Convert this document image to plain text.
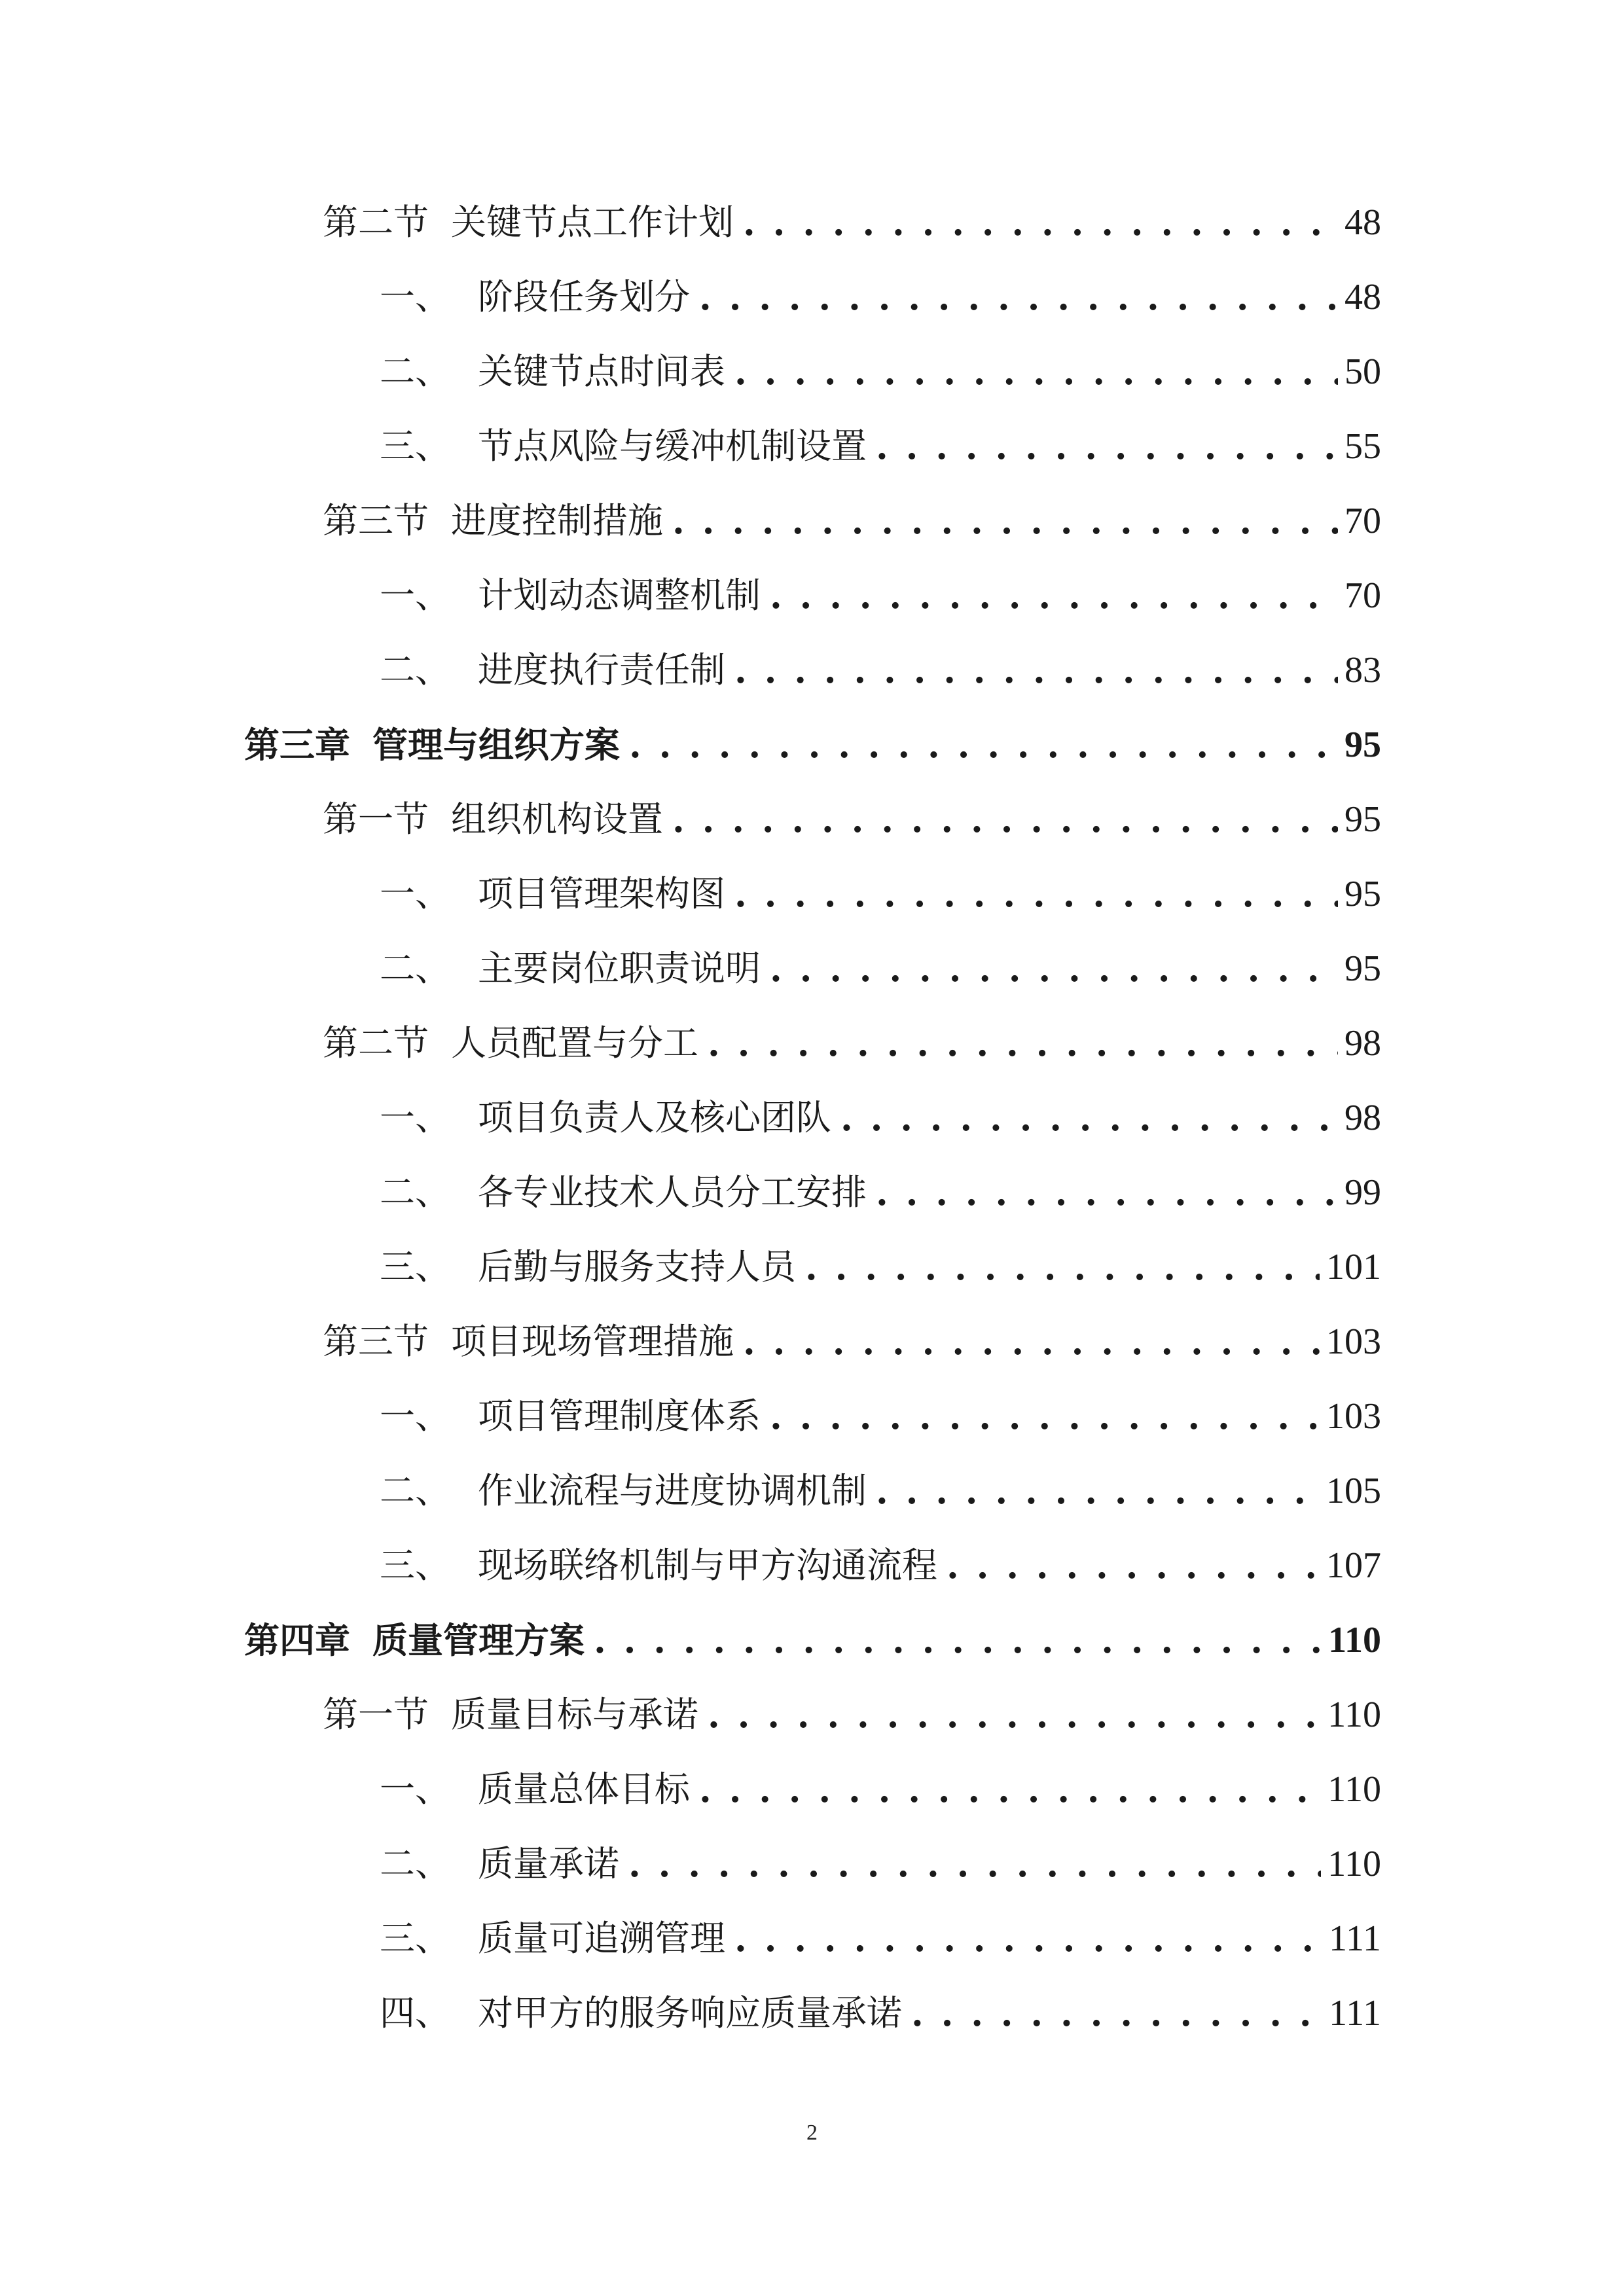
第二节 关键节点工作计划 . . .	48
一、 阶段任务划分 . . .	48
二、 关键节点时间表 . . .	50
三、 节点风险与缓冲机制设置 . . .	55
第三节 进度控制措施 . . .	70
一、 计划动态调整机制 . . .	70
二、 进度执行责任制 . . .	83
第三章 管理与组织方案 . . .	95
第一节 组织机构设置 . . .	95
一、 项目管理架构图 . . .	95
二、 主要岗位职责说明 . . .	95
第二节 人员配置与分工 . . .	98
一、 项目负责人及核心团队 . . .	98
二、 各专业技术人员分工安排 . . .	99
三、 后勤与服务支持人员 . . .	101
第三节 项目现场管理措施 . . .	103
一、 项目管理制度体系 . . .	103
二、 作业流程与进度协调机制 . . .	105
三、 现场联络机制与甲方沟通流程 . . .	107
第四章 质量管理方案 . . .	110
第一节 质量目标与承诺 . . .	110
一、 质量总体目标 . . .	110
二、 质量承诺 . . .	110
三、 质量可追溯管理 . . .	111
四、 对甲方的服务响应质量承诺 . . .	111
2
